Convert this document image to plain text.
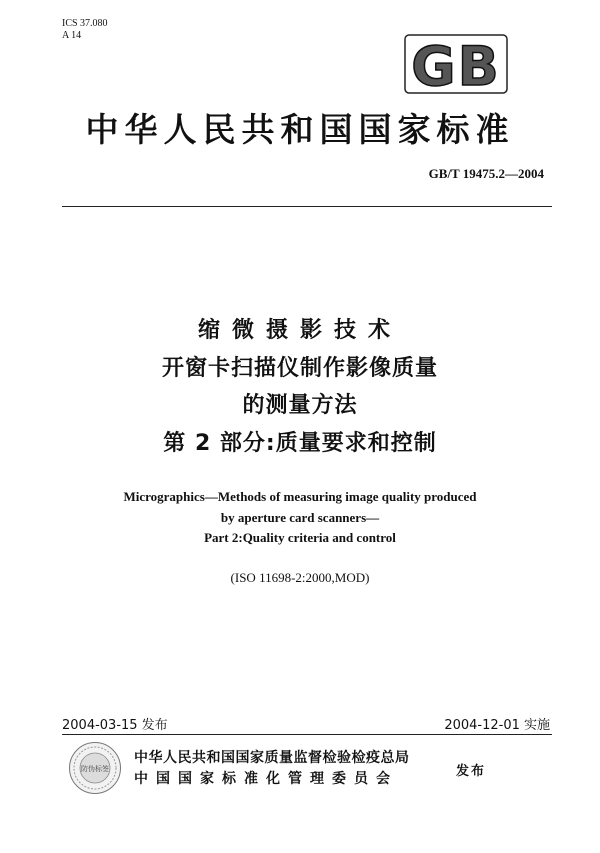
ICS 37.080
A 14	GB
中华人民共和国国家标准
GB/T 19475.2—2004
缩微摄影技术
开窗卡扫描仪制作影像质量
的测量方法
第 2 部分:质量要求和控制
Micrographics—Methods of measuring image quality produced
by aperture card scanners—
Part 2:Quality criteria and control
(ISO 11698-2:2000,MOD)
2004-03-15 发布	2004-12-01 实施
防伪标签
中华人民共和国国家质量监督检验检疫总局
中国国家标准化管理委员会	发布
